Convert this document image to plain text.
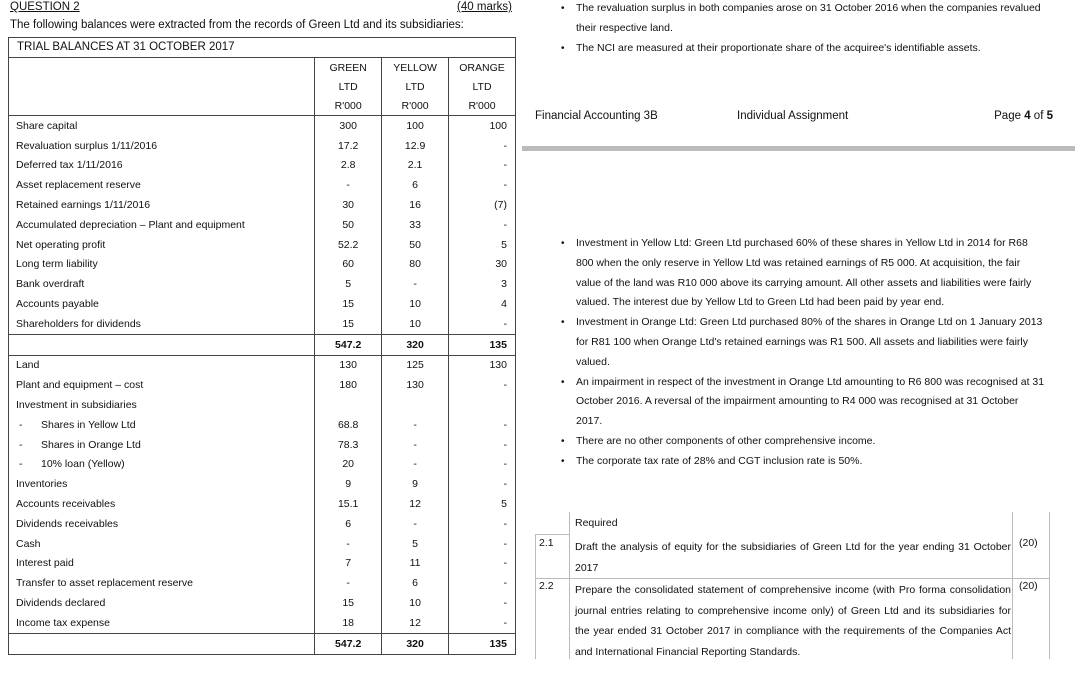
QUESTION 2	(40 marks)
The following balances were extracted from the records of Green Ltd and its subsidiaries:
TRIAL BALANCES AT 31 OCTOBER 2017
	GREEN	YELLOW	ORANGE
	LTD	LTD	LTD
	R'000	R'000	R'000
Share capital	300	100	100
Revaluation surplus 1/11/2016	17.2	12.9	-
Deferred tax 1/11/2016	2.8	2.1	-
Asset replacement reserve	-	6	-
Retained earnings 1/11/2016	30	16	(7)
Accumulated depreciation – Plant and equipment	50	33	-
Net operating profit	52.2	50	5
Long term liability	60	80	30
Bank overdraft	5	-	3
Accounts payable	15	10	4
Shareholders for dividends	15	10	-
	547.2	320	135
Land	130	125	130
Plant and equipment – cost	180	130	-
Investment in subsidiaries			
- Shares in Yellow Ltd	68.8	-	-
- Shares in Orange Ltd	78.3	-	-
- 10% loan (Yellow)	20	-	-
Inventories	9	9	-
Accounts receivables	15.1	12	5
Dividends receivables	6	-	-
Cash	-	5	-
Interest paid	7	11	-
Transfer to asset replacement reserve	-	6	-
Dividends declared	15	10	-
Income tax expense	18	12	-
	547.2	320	135
• The revaluation surplus in both companies arose on 31 October 2016 when the companies revalued their respective land.
• The NCI are measured at their proportionate share of the acquiree's identifiable assets.
Financial Accounting 3B	Individual Assignment	Page 4 of 5
• Investment in Yellow Ltd: Green Ltd purchased 60% of these shares in Yellow Ltd in 2014 for R68 800 when the only reserve in Yellow Ltd was retained earnings of R5 000. At acquisition, the fair value of the land was R10 000 above its carrying amount. All other assets and liabilities were fairly valued. The interest due by Yellow Ltd to Green Ltd had been paid by year end.
• Investment in Orange Ltd: Green Ltd purchased 80% of the shares in Orange Ltd on 1 January 2013 for R81 100 when Orange Ltd's retained earnings was R1 500. All assets and liabilities were fairly valued.
• An impairment in respect of the investment in Orange Ltd amounting to R6 800 was recognised at 31 October 2016. A reversal of the impairment amounting to R4 000 was recognised at 31 October 2017.
• There are no other components of other comprehensive income.
• The corporate tax rate of 28% and CGT inclusion rate is 50%.
Required
2.1 Draft the analysis of equity for the subsidiaries of Green Ltd for the year ending 31 October 2017
(20)
2.2 Prepare the consolidated statement of comprehensive income (with Pro forma consolidation journal entries relating to comprehensive income only) of Green Ltd and its subsidiaries for the year ended 31 October 2017 in compliance with the requirements of the Companies Act and International Financial Reporting Standards.
(20)
